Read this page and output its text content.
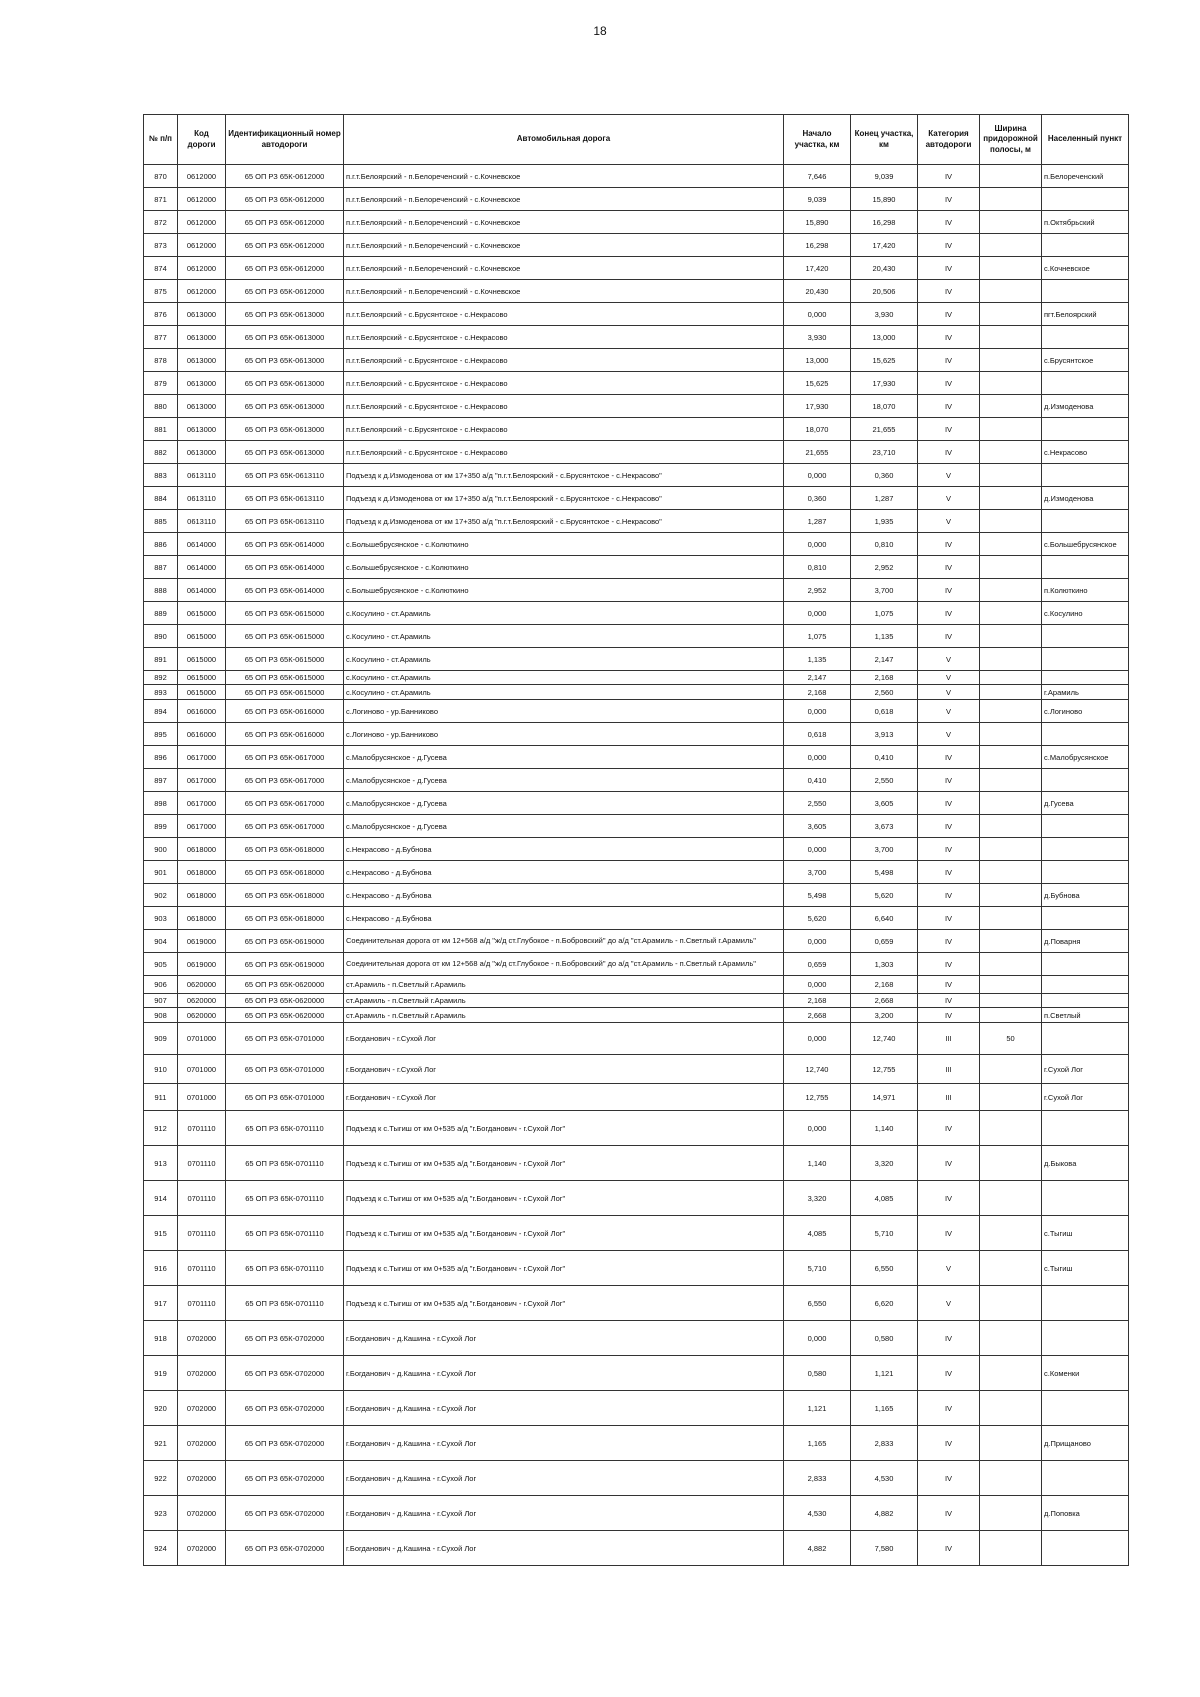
18
№ п/п	Код дороги	Идентификационный номер автодороги	Автомобильная дорога	Начало участка, км	Конец участка, км	Категория автодороги	Ширина придорожной полосы, м	Населенный пункт
870	0612000	65 ОП РЗ 65К-0612000	п.г.т.Белоярский - п.Белореченский - с.Кочневское	7,646	9,039	IV		п.Белореченский
871	0612000	65 ОП РЗ 65К-0612000	п.г.т.Белоярский - п.Белореченский - с.Кочневское	9,039	15,890	IV		
872	0612000	65 ОП РЗ 65К-0612000	п.г.т.Белоярский - п.Белореченский - с.Кочневское	15,890	16,298	IV		п.Октябрьский
873	0612000	65 ОП РЗ 65К-0612000	п.г.т.Белоярский - п.Белореченский - с.Кочневское	16,298	17,420	IV		
874	0612000	65 ОП РЗ 65К-0612000	п.г.т.Белоярский - п.Белореченский - с.Кочневское	17,420	20,430	IV		с.Кочневское
875	0612000	65 ОП РЗ 65К-0612000	п.г.т.Белоярский - п.Белореченский - с.Кочневское	20,430	20,506	IV		
876	0613000	65 ОП РЗ 65К-0613000	п.г.т.Белоярский - с.Брусянтское - с.Некрасово	0,000	3,930	IV		пгт.Белоярский
877	0613000	65 ОП РЗ 65К-0613000	п.г.т.Белоярский - с.Брусянтское - с.Некрасово	3,930	13,000	IV		
878	0613000	65 ОП РЗ 65К-0613000	п.г.т.Белоярский - с.Брусянтское - с.Некрасово	13,000	15,625	IV		с.Брусянтское
879	0613000	65 ОП РЗ 65К-0613000	п.г.т.Белоярский - с.Брусянтское - с.Некрасово	15,625	17,930	IV		
880	0613000	65 ОП РЗ 65К-0613000	п.г.т.Белоярский - с.Брусянтское - с.Некрасово	17,930	18,070	IV		д.Измоденова
881	0613000	65 ОП РЗ 65К-0613000	п.г.т.Белоярский - с.Брусянтское - с.Некрасово	18,070	21,655	IV		
882	0613000	65 ОП РЗ 65К-0613000	п.г.т.Белоярский - с.Брусянтское - с.Некрасово	21,655	23,710	IV		с.Некрасово
883	0613110	65 ОП РЗ 65К-0613110	Подъезд к д.Измоденова от км 17+350 а/д "п.г.т.Белоярский - с.Брусянтское - с.Некрасово"	0,000	0,360	V		
884	0613110	65 ОП РЗ 65К-0613110	Подъезд к д.Измоденова от км 17+350 а/д "п.г.т.Белоярский - с.Брусянтское - с.Некрасово"	0,360	1,287	V		д.Измоденова
885	0613110	65 ОП РЗ 65К-0613110	Подъезд к д.Измоденова от км 17+350 а/д "п.г.т.Белоярский - с.Брусянтское - с.Некрасово"	1,287	1,935	V		
886	0614000	65 ОП РЗ 65К-0614000	с.Большебрусянское - с.Колюткино	0,000	0,810	IV		с.Большебрусянское
887	0614000	65 ОП РЗ 65К-0614000	с.Большебрусянское - с.Колюткино	0,810	2,952	IV		
888	0614000	65 ОП РЗ 65К-0614000	с.Большебрусянское - с.Колюткино	2,952	3,700	IV		п.Колюткино
889	0615000	65 ОП РЗ 65К-0615000	с.Косулино - ст.Арамиль	0,000	1,075	IV		с.Косулино
890	0615000	65 ОП РЗ 65К-0615000	с.Косулино - ст.Арамиль	1,075	1,135	IV		
891	0615000	65 ОП РЗ 65К-0615000	с.Косулино - ст.Арамиль	1,135	2,147	V		
892	0615000	65 ОП РЗ 65К-0615000	с.Косулино - ст.Арамиль	2,147	2,168	V		
893	0615000	65 ОП РЗ 65К-0615000	с.Косулино - ст.Арамиль	2,168	2,560	V		г.Арамиль
894	0616000	65 ОП РЗ 65К-0616000	с.Логиново - ур.Банниково	0,000	0,618	V		с.Логиново
895	0616000	65 ОП РЗ 65К-0616000	с.Логиново - ур.Банниково	0,618	3,913	V		
896	0617000	65 ОП РЗ 65К-0617000	с.Малобрусянское - д.Гусева	0,000	0,410	IV		с.Малобрусянское
897	0617000	65 ОП РЗ 65К-0617000	с.Малобрусянское - д.Гусева	0,410	2,550	IV		
898	0617000	65 ОП РЗ 65К-0617000	с.Малобрусянское - д.Гусева	2,550	3,605	IV		д.Гусева
899	0617000	65 ОП РЗ 65К-0617000	с.Малобрусянское - д.Гусева	3,605	3,673	IV		
900	0618000	65 ОП РЗ 65К-0618000	с.Некрасово - д.Бубнова	0,000	3,700	IV		
901	0618000	65 ОП РЗ 65К-0618000	с.Некрасово - д.Бубнова	3,700	5,498	IV		
902	0618000	65 ОП РЗ 65К-0618000	с.Некрасово - д.Бубнова	5,498	5,620	IV		д.Бубнова
903	0618000	65 ОП РЗ 65К-0618000	с.Некрасово - д.Бубнова	5,620	6,640	IV		
904	0619000	65 ОП РЗ 65К-0619000	Соединительная дорога от км 12+568 а/д "ж/д ст.Глубокое - п.Бобровский" до а/д "ст.Арамиль - п.Светлый г.Арамиль"	0,000	0,659	IV		д.Поварня
905	0619000	65 ОП РЗ 65К-0619000	Соединительная дорога от км 12+568 а/д "ж/д ст.Глубокое - п.Бобровский" до а/д "ст.Арамиль - п.Светлый г.Арамиль"	0,659	1,303	IV		
906	0620000	65 ОП РЗ 65К-0620000	ст.Арамиль - п.Светлый г.Арамиль	0,000	2,168	IV		
907	0620000	65 ОП РЗ 65К-0620000	ст.Арамиль - п.Светлый г.Арамиль	2,168	2,668	IV		
908	0620000	65 ОП РЗ 65К-0620000	ст.Арамиль - п.Светлый г.Арамиль	2,668	3,200	IV		п.Светлый
909	0701000	65 ОП РЗ 65К-0701000	г.Богданович - г.Сухой Лог	0,000	12,740	III	50	
910	0701000	65 ОП РЗ 65К-0701000	г.Богданович - г.Сухой Лог	12,740	12,755	III		г.Сухой Лог
911	0701000	65 ОП РЗ 65К-0701000	г.Богданович - г.Сухой Лог	12,755	14,971	III		г.Сухой Лог
912	0701110	65 ОП РЗ 65К-0701110	Подъезд к с.Тыгиш от км 0+535 а/д "г.Богданович - г.Сухой Лог"	0,000	1,140	IV		
913	0701110	65 ОП РЗ 65К-0701110	Подъезд к с.Тыгиш от км 0+535 а/д "г.Богданович - г.Сухой Лог"	1,140	3,320	IV		д.Быкова
914	0701110	65 ОП РЗ 65К-0701110	Подъезд к с.Тыгиш от км 0+535 а/д "г.Богданович - г.Сухой Лог"	3,320	4,085	IV		
915	0701110	65 ОП РЗ 65К-0701110	Подъезд к с.Тыгиш от км 0+535 а/д "г.Богданович - г.Сухой Лог"	4,085	5,710	IV		с.Тыгиш
916	0701110	65 ОП РЗ 65К-0701110	Подъезд к с.Тыгиш от км 0+535 а/д "г.Богданович - г.Сухой Лог"	5,710	6,550	V		с.Тыгиш
917	0701110	65 ОП РЗ 65К-0701110	Подъезд к с.Тыгиш от км 0+535 а/д "г.Богданович - г.Сухой Лог"	6,550	6,620	V		
918	0702000	65 ОП РЗ 65К-0702000	г.Богданович - д.Кашина - г.Сухой Лог	0,000	0,580	IV		
919	0702000	65 ОП РЗ 65К-0702000	г.Богданович - д.Кашина - г.Сухой Лог	0,580	1,121	IV		с.Коменки
920	0702000	65 ОП РЗ 65К-0702000	г.Богданович - д.Кашина - г.Сухой Лог	1,121	1,165	IV		
921	0702000	65 ОП РЗ 65К-0702000	г.Богданович - д.Кашина - г.Сухой Лог	1,165	2,833	IV		д.Прищаново
922	0702000	65 ОП РЗ 65К-0702000	г.Богданович - д.Кашина - г.Сухой Лог	2,833	4,530	IV		
923	0702000	65 ОП РЗ 65К-0702000	г.Богданович - д.Кашина - г.Сухой Лог	4,530	4,882	IV		д.Поповка
924	0702000	65 ОП РЗ 65К-0702000	г.Богданович - д.Кашина - г.Сухой Лог	4,882	7,580	IV		
